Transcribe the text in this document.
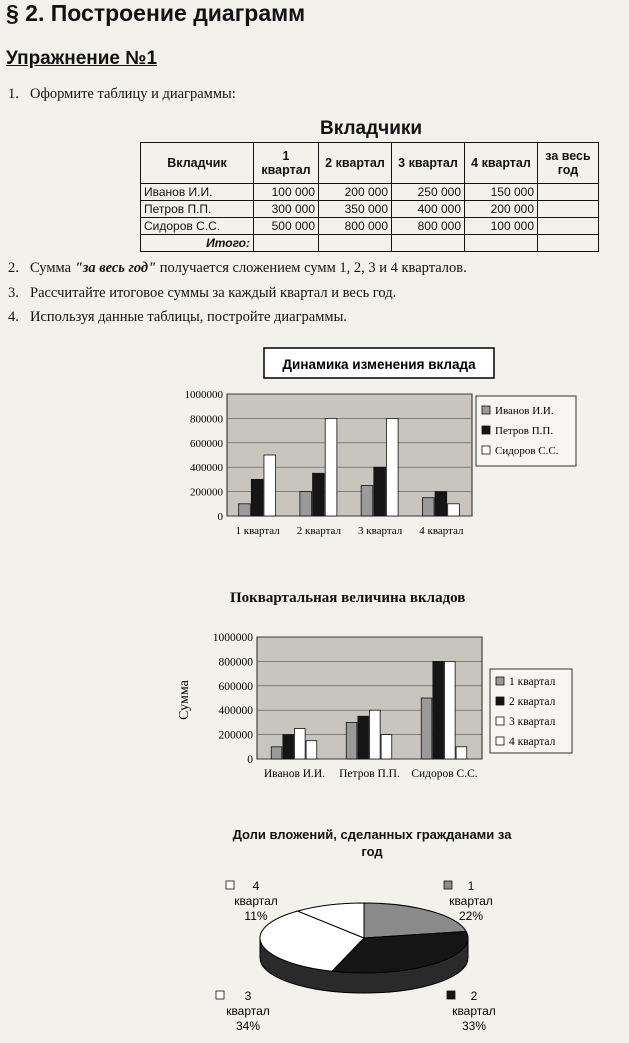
§ 2. Построение диаграмм
Упражнение №1
1. Оформите таблицу и диаграммы:
Вкладчики
Вкладчик	1 квартал	2 квартал	3 квартал	4 квартал	за весь год
Иванов И.И.	100 000	200 000	250 000	150 000	
Петров П.П.	300 000	350 000	400 000	200 000	
Сидоров С.С.	500 000	800 000	800 000	100 000	
Итого:					
2. Сумма "за весь год" получается сложением сумм 1, 2, 3 и 4 кварталов.
3. Рассчитайте итоговое суммы за каждый квартал и весь год.
4. Используя данные таблицы, постройте диаграммы.
Динамика изменения вклада
0
200000
400000
600000
800000
1000000
1 квартал 2 квартал 3 квартал 4 квартал
Иванов И.И.
Петров П.П.
Сидоров С.С.
Поквартальная величина вкладов
Сумма
0
200000
400000
600000
800000
1000000
Иванов И.И. Петров П.П. Сидоров С.С.
1 квартал
2 квартал
3 квартал
4 квартал
Доли вложений, сделанных гражданами за
год
1
квартал
22%
2
квартал
33%
3
квартал
34%
4
квартал
11%
